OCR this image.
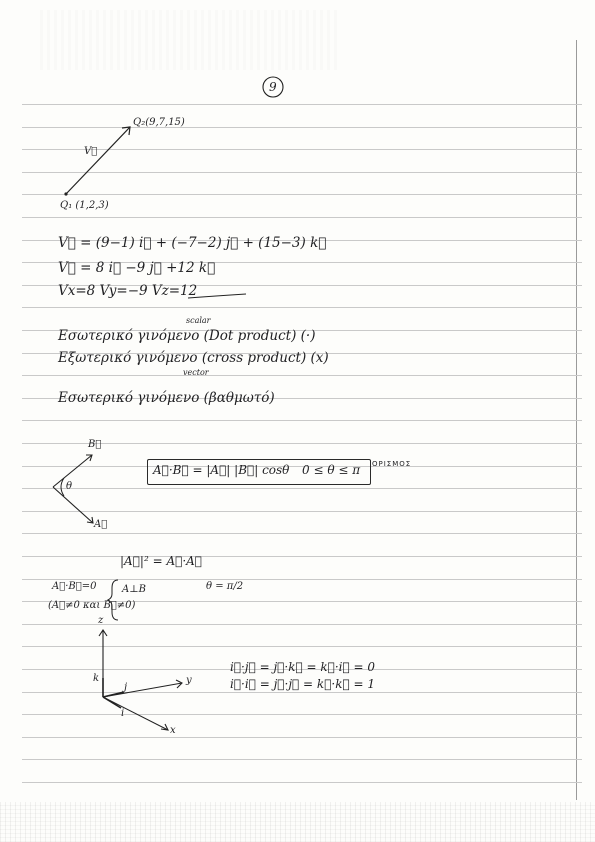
9
Q₂(9,7,15)
Q₁ (1,2,3)
V⃗
V⃗ = (9−1) i⃗ + (−7−2) j⃗ + (15−3) k⃗
V⃗ = 8 i⃗ −9 j⃗ +12 k⃗
Vx=8 Vy=−9 Vz=12
scalar
Εσωτερικό γινόμενο (Dot product) (·)
Εξωτερικό γινόμενο (cross product) (x)
vector
Εσωτερικό γινόμενο (βαθμωτό)
A⃗·B⃗ = |A⃗| |B⃗| cosθ 0 ≤ θ ≤ π ΟΡΙΣΜΟΣ
B⃗
A⃗
θ
|A⃗|² = A⃗·A⃗
A⃗·B⃗=0
(A⃗≠0 και B⃗≠0)
A⊥B	θ = π/2
z
y
x
k
j
i
i⃗·j⃗ = j⃗·k⃗ = k⃗·i⃗ = 0
i⃗·i⃗ = j⃗·j⃗ = k⃗·k⃗ = 1
